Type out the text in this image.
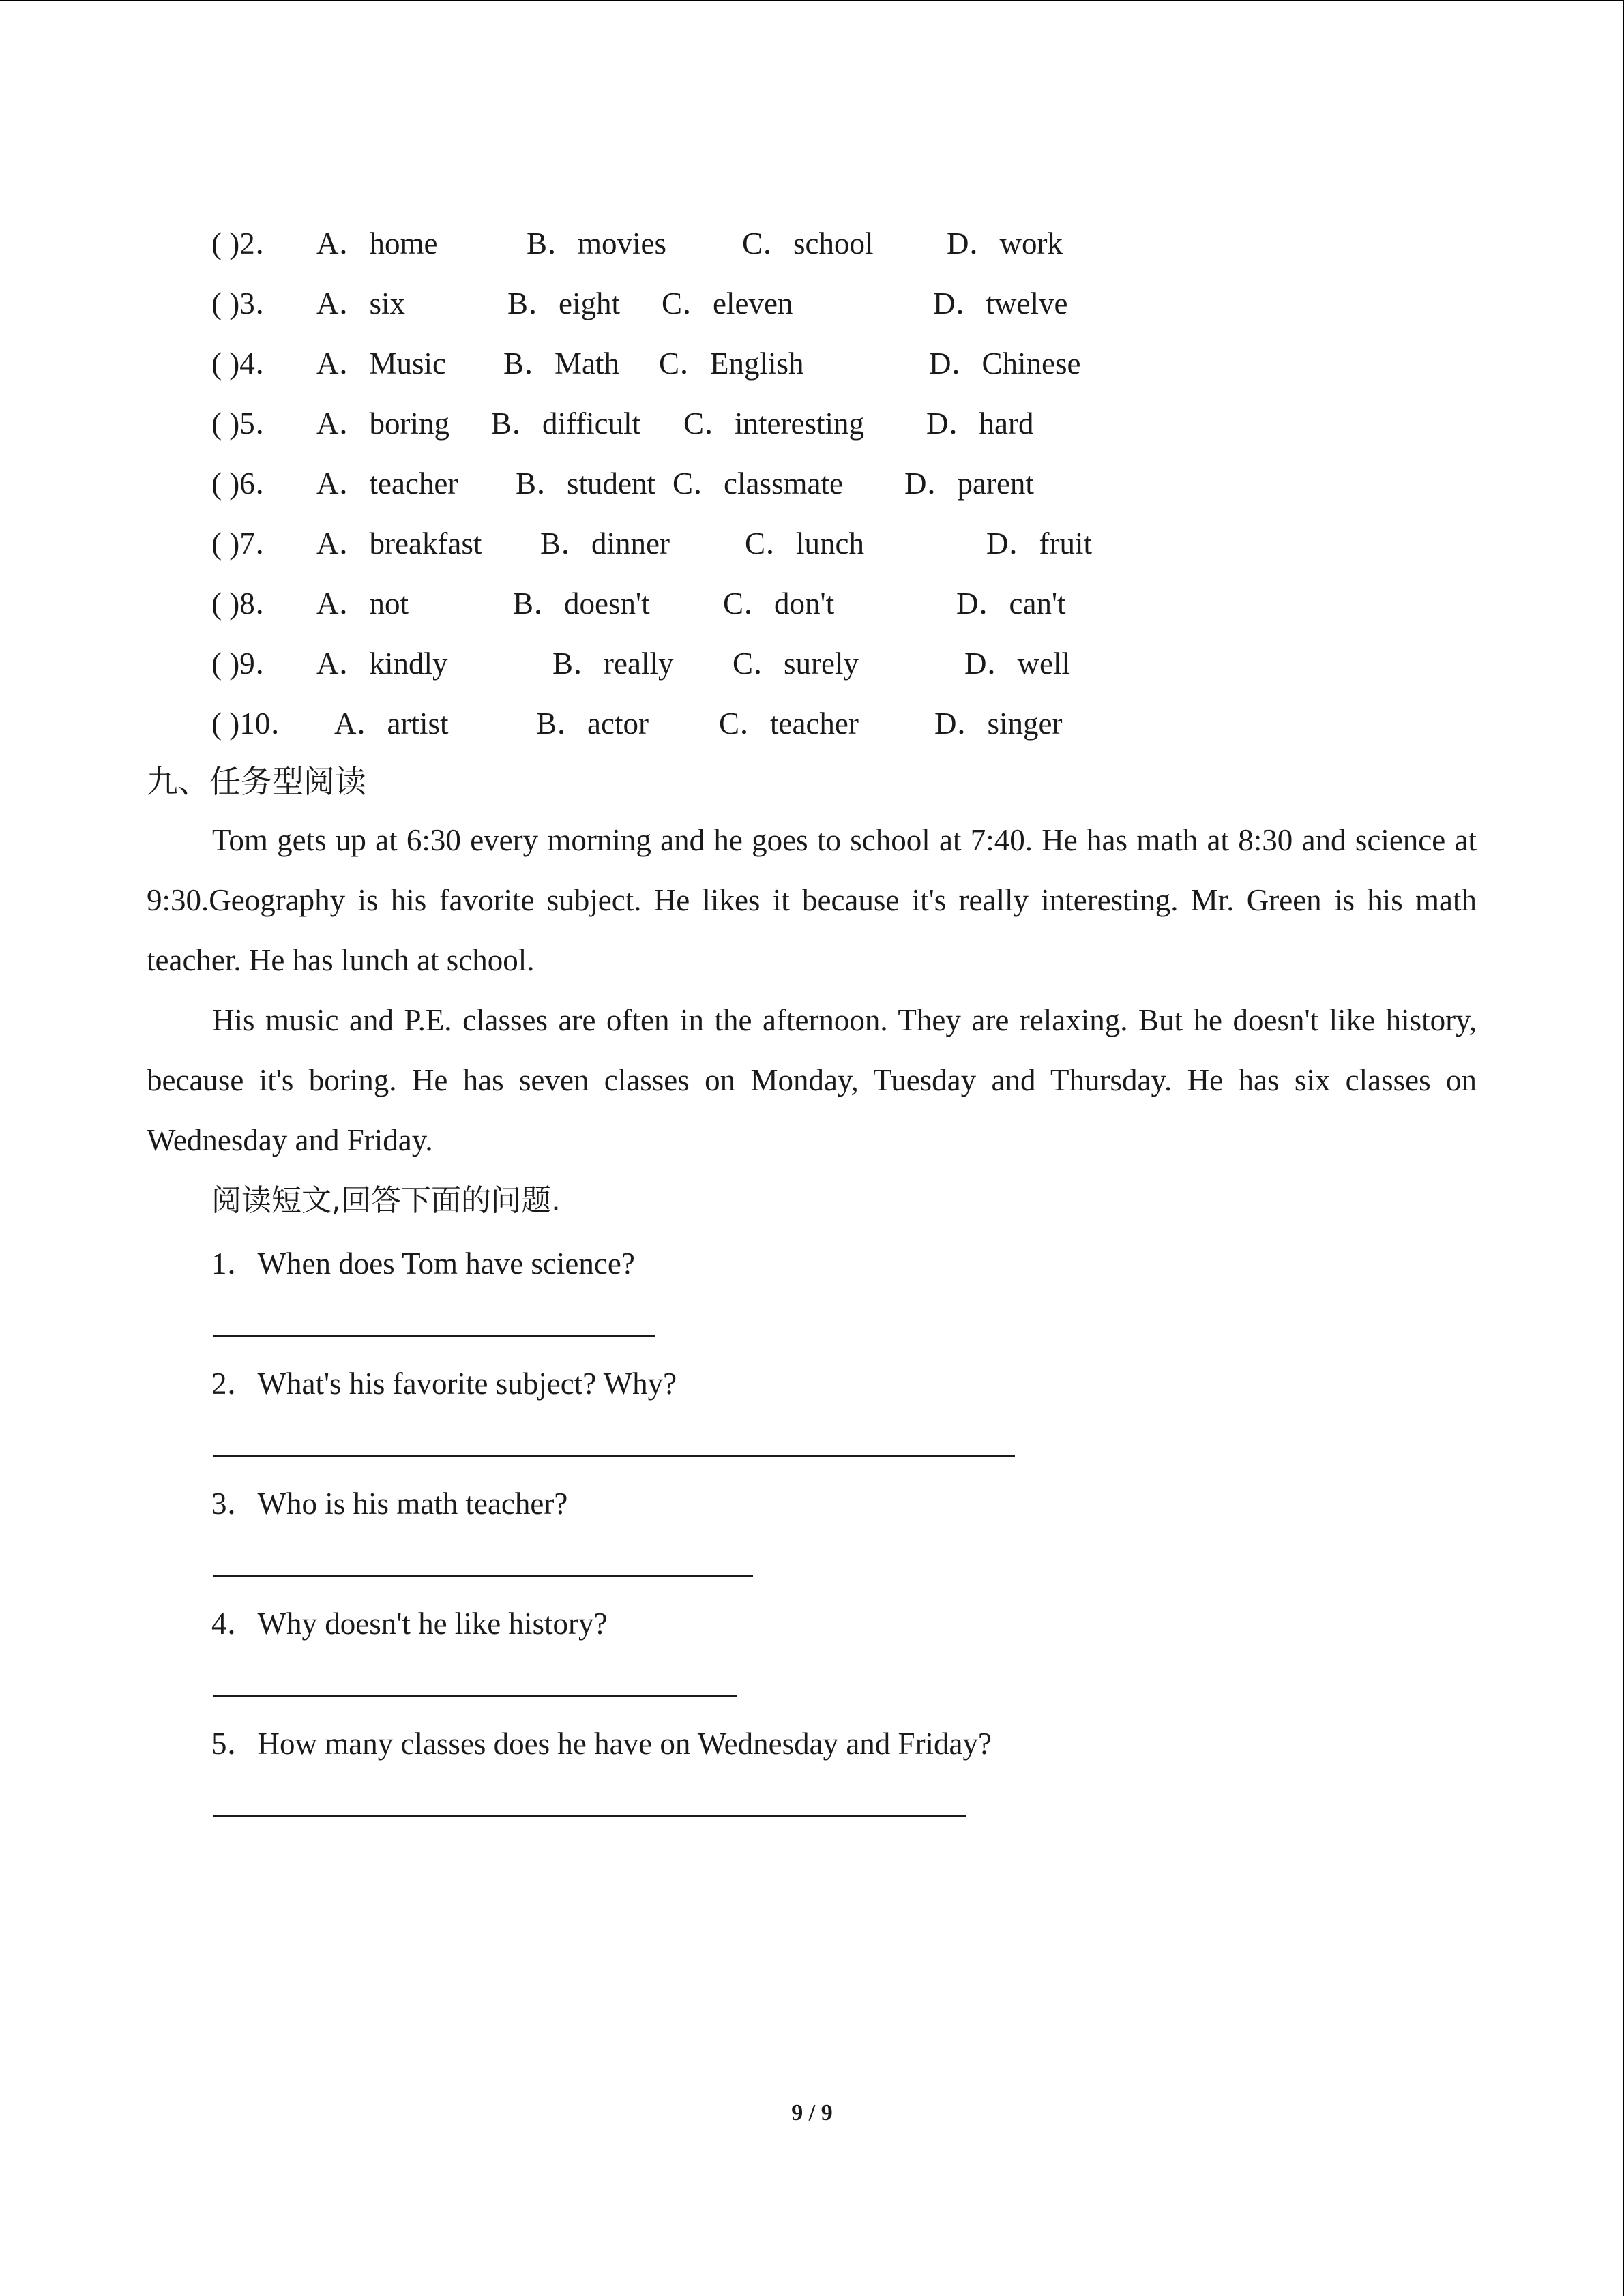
( )2． A．home	B．movies C．school D．work
( )3． A．six	B．eight C．eleven	D．twelve
( )4． A．Music B．Math C．English	D．Chinese
( )5． A．boring B．difficult C．interesting D．hard
( )6． A．teacher B．student C．classmate D．parent
( )7． A．breakfast B．dinner C．lunch	D．fruit
( )8． A．not	B．doesn't C．don't	D．can't
( )9． A．kindly	B．really C．surely	D．well
( )10． A．artist	B．actor C．teacher D．singer
九、任务型阅读
Tom gets up at 6:30 every morning and he goes to school at 7:40. He has math at 8:30 and science at 9:30.Geography is his favorite subject. He likes it because it's really interesting. Mr. Green is his math teacher. He has lunch at school.
His music and P.E. classes are often in the afternoon. They are relaxing. But he doesn't like history, because it's boring. He has seven classes on Monday, Tuesday and Thursday. He has six classes on Wednesday and Friday.
阅读短文,回答下面的问题.
1．When does Tom have science?
2．What's his favorite subject? Why?
3．Who is his math teacher?
4．Why doesn't he like history?
5．How many classes does he have on Wednesday and Friday?
9 / 9
